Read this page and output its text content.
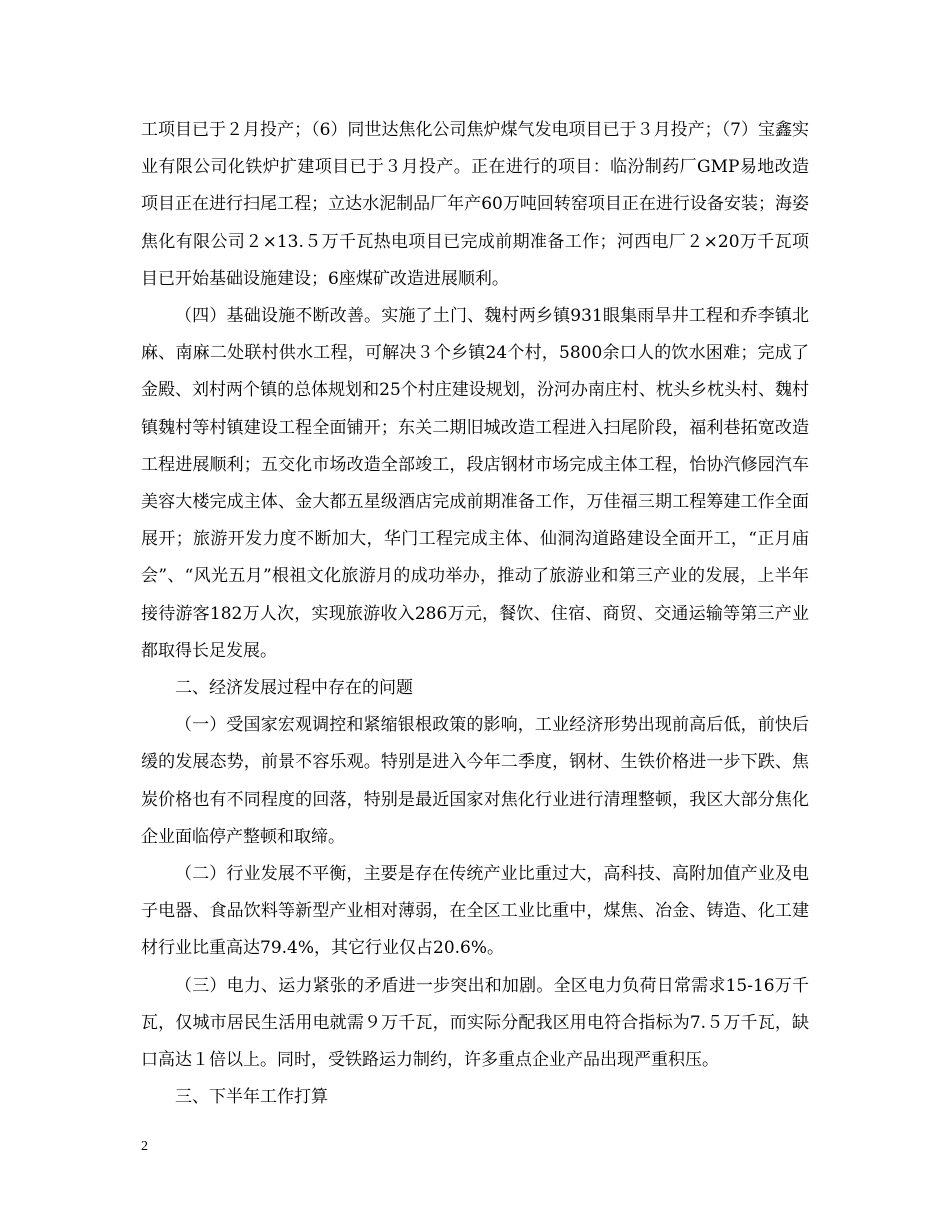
工项目已于２月投产；（6）同世达焦化公司焦炉煤气发电项目已于３月投产；（7）宝鑫实业有限公司化铁炉扩建项目已于３月投产。正在进行的项目：临汾制药厂GMP易地改造项目正在进行扫尾工程；立达水泥制品厂年产60万吨回转窑项目正在进行设备安装；海姿焦化有限公司２×13.５万千瓦热电项目已完成前期准备工作；河西电厂２×20万千瓦项目已开始基础设施建设；6座煤矿改造进展顺利。

（四）基础设施不断改善。实施了土门、魏村两乡镇931眼集雨旱井工程和乔李镇北麻、南麻二处联村供水工程，可解决３个乡镇24个村，5800余口人的饮水困难；完成了金殿、刘村两个镇的总体规划和25个村庄建设规划，汾河办南庄村、枕头乡枕头村、魏村镇魏村等村镇建设工程全面铺开；东关二期旧城改造工程进入扫尾阶段，福利巷拓宽改造工程进展顺利；五交化市场改造全部竣工，段店钢材市场完成主体工程，怡协汽修园汽车美容大楼完成主体、金大都五星级酒店完成前期准备工作，万佳福三期工程筹建工作全面展开；旅游开发力度不断加大，华门工程完成主体、仙洞沟道路建设全面开工，“正月庙会”、“风光五月”根祖文化旅游月的成功举办，推动了旅游业和第三产业的发展，上半年接待游客182万人次，实现旅游收入286万元，餐饮、住宿、商贸、交通运输等第三产业都取得长足发展。

二、经济发展过程中存在的问题

（一）受国家宏观调控和紧缩银根政策的影响，工业经济形势出现前高后低，前快后缓的发展态势，前景不容乐观。特别是进入今年二季度，钢材、生铁价格进一步下跌、焦炭价格也有不同程度的回落，特别是最近国家对焦化行业进行清理整顿，我区大部分焦化企业面临停产整顿和取缔。

（二）行业发展不平衡，主要是存在传统产业比重过大，高科技、高附加值产业及电子电器、食品饮料等新型产业相对薄弱，在全区工业比重中，煤焦、冶金、铸造、化工建材行业比重高达79.4%，其它行业仅占20.6%。

（三）电力、运力紧张的矛盾进一步突出和加剧。全区电力负荷日常需求15-16万千瓦，仅城市居民生活用电就需９万千瓦，而实际分配我区用电符合指标为7.５万千瓦，缺口高达１倍以上。同时，受铁路运力制约，许多重点企业产品出现严重积压。

三、下半年工作打算

2
